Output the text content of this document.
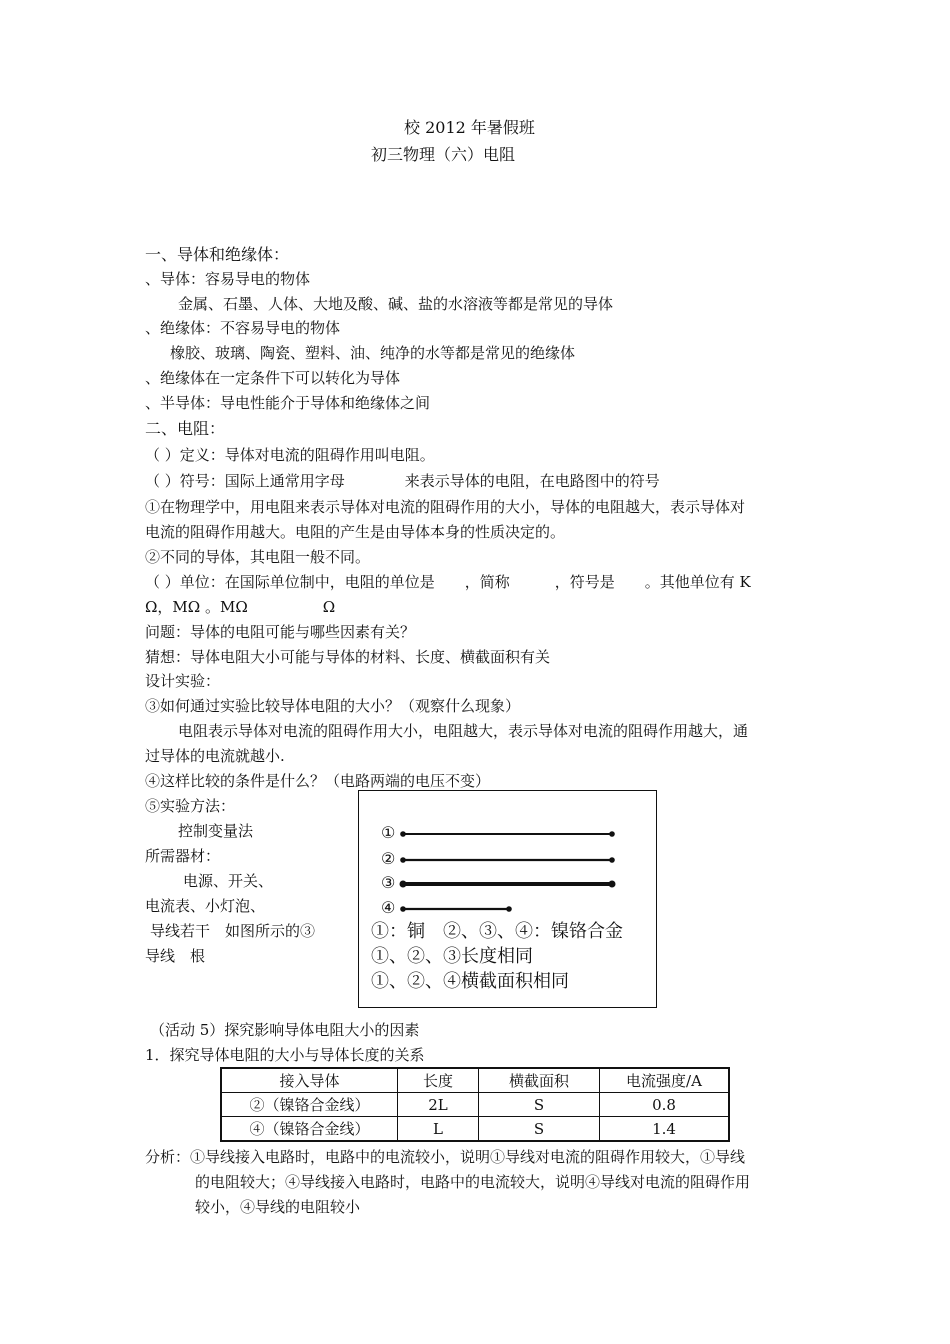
校 2012 年暑假班
初三物理（六）电阻
一、导体和绝缘体：
、导体：容易导电的物体
金属、石墨、人体、大地及酸、碱、盐的水溶液等都是常见的导体
、绝缘体：不容易导电的物体
橡胶、玻璃、陶瓷、塑料、油、纯净的水等都是常见的绝缘体
、绝缘体在一定条件下可以转化为导体
、半导体：导电性能介于导体和绝缘体之间
二、电阻：
（ ）定义：导体对电流的阻碍作用叫电阻。
（ ）符号：国际上通常用字母　　　　来表示导体的电阻，在电路图中的符号
①在物理学中，用电阻来表示导体对电流的阻碍作用的大小，导体的电阻越大，表示导体对
电流的阻碍作用越大。电阻的产生是由导体本身的性质决定的。
②不同的导体，其电阻一般不同。
（ ）单位：在国际单位制中，电阻的单位是　　，简称　　　，符号是　　。其他单位有 K
Ω，MΩ 。MΩ　　　　　Ω
问题：导体的电阻可能与哪些因素有关？
猜想：导体电阻大小可能与导体的材料、长度、横截面积有关
设计实验：
③如何通过实验比较导体电阻的大小？（观察什么现象）
电阻表示导体对电流的阻碍作用大小，电阻越大，表示导体对电流的阻碍作用越大，通
过导体的电流就越小.
④这样比较的条件是什么？（电路两端的电压不变）
⑤实验方法：
控制变量法
所需器材：
电源、开关、
电流表、小灯泡、
导线若干　如图所示的③
导线　根
①
②
③
④
①：铜　②、③、④：镍铬合金
①、②、③长度相同
①、②、④横截面积相同
（活动 5）探究影响导体电阻大小的因素
1．探究导体电阻的大小与导体长度的关系
接入导体	长度	横截面积	电流强度/A
②（镍铬合金线）	2L	S	0.8
④（镍铬合金线）	L	S	1.4
分析：①导线接入电路时，电路中的电流较小，说明①导线对电流的阻碍作用较大，①导线
的电阻较大；④导线接入电路时，电路中的电流较大，说明④导线对电流的阻碍作用
较小，④导线的电阻较小
